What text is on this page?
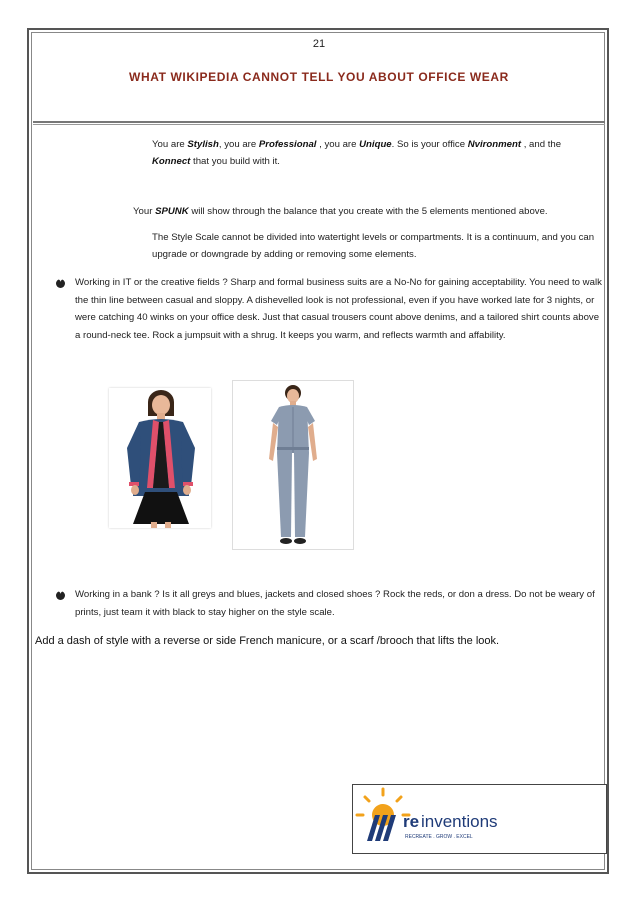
21
WHAT WIKIPEDIA CANNOT TELL YOU ABOUT OFFICE WEAR
You are Stylish, you are Professional , you are Unique. So is your office Nvironment , and the Konnect that you build with it.
Your SPUNK will show through the balance that you create with the 5 elements mentioned above.
The Style Scale cannot be divided into watertight levels or compartments. It is a continuum, and you can upgrade or downgrade by adding or removing some elements.
✦
Working in IT or the creative fields ? Sharp and formal business suits are a No-No for gaining acceptability. You need to walk the thin line between casual and sloppy. A dishevelled look is not professional, even if you have worked late for 3 nights, or were catching 40 winks on your office desk. Just that casual trousers count above denims, and a tailored shirt counts above a round-neck tee. Rock a jumpsuit with a shrug. It keeps you warm, and reflects warmth and affability.
✦
Working in a bank ? Is it all greys and blues, jackets and closed shoes ? Rock the reds, or don a dress. Do not be weary of prints, just team it with black to stay higher on the style scale.
Add a dash of style with a reverse or side French manicure, or a scarf /brooch that lifts the look.
re inventions
RECREATE . GROW . EXCEL
